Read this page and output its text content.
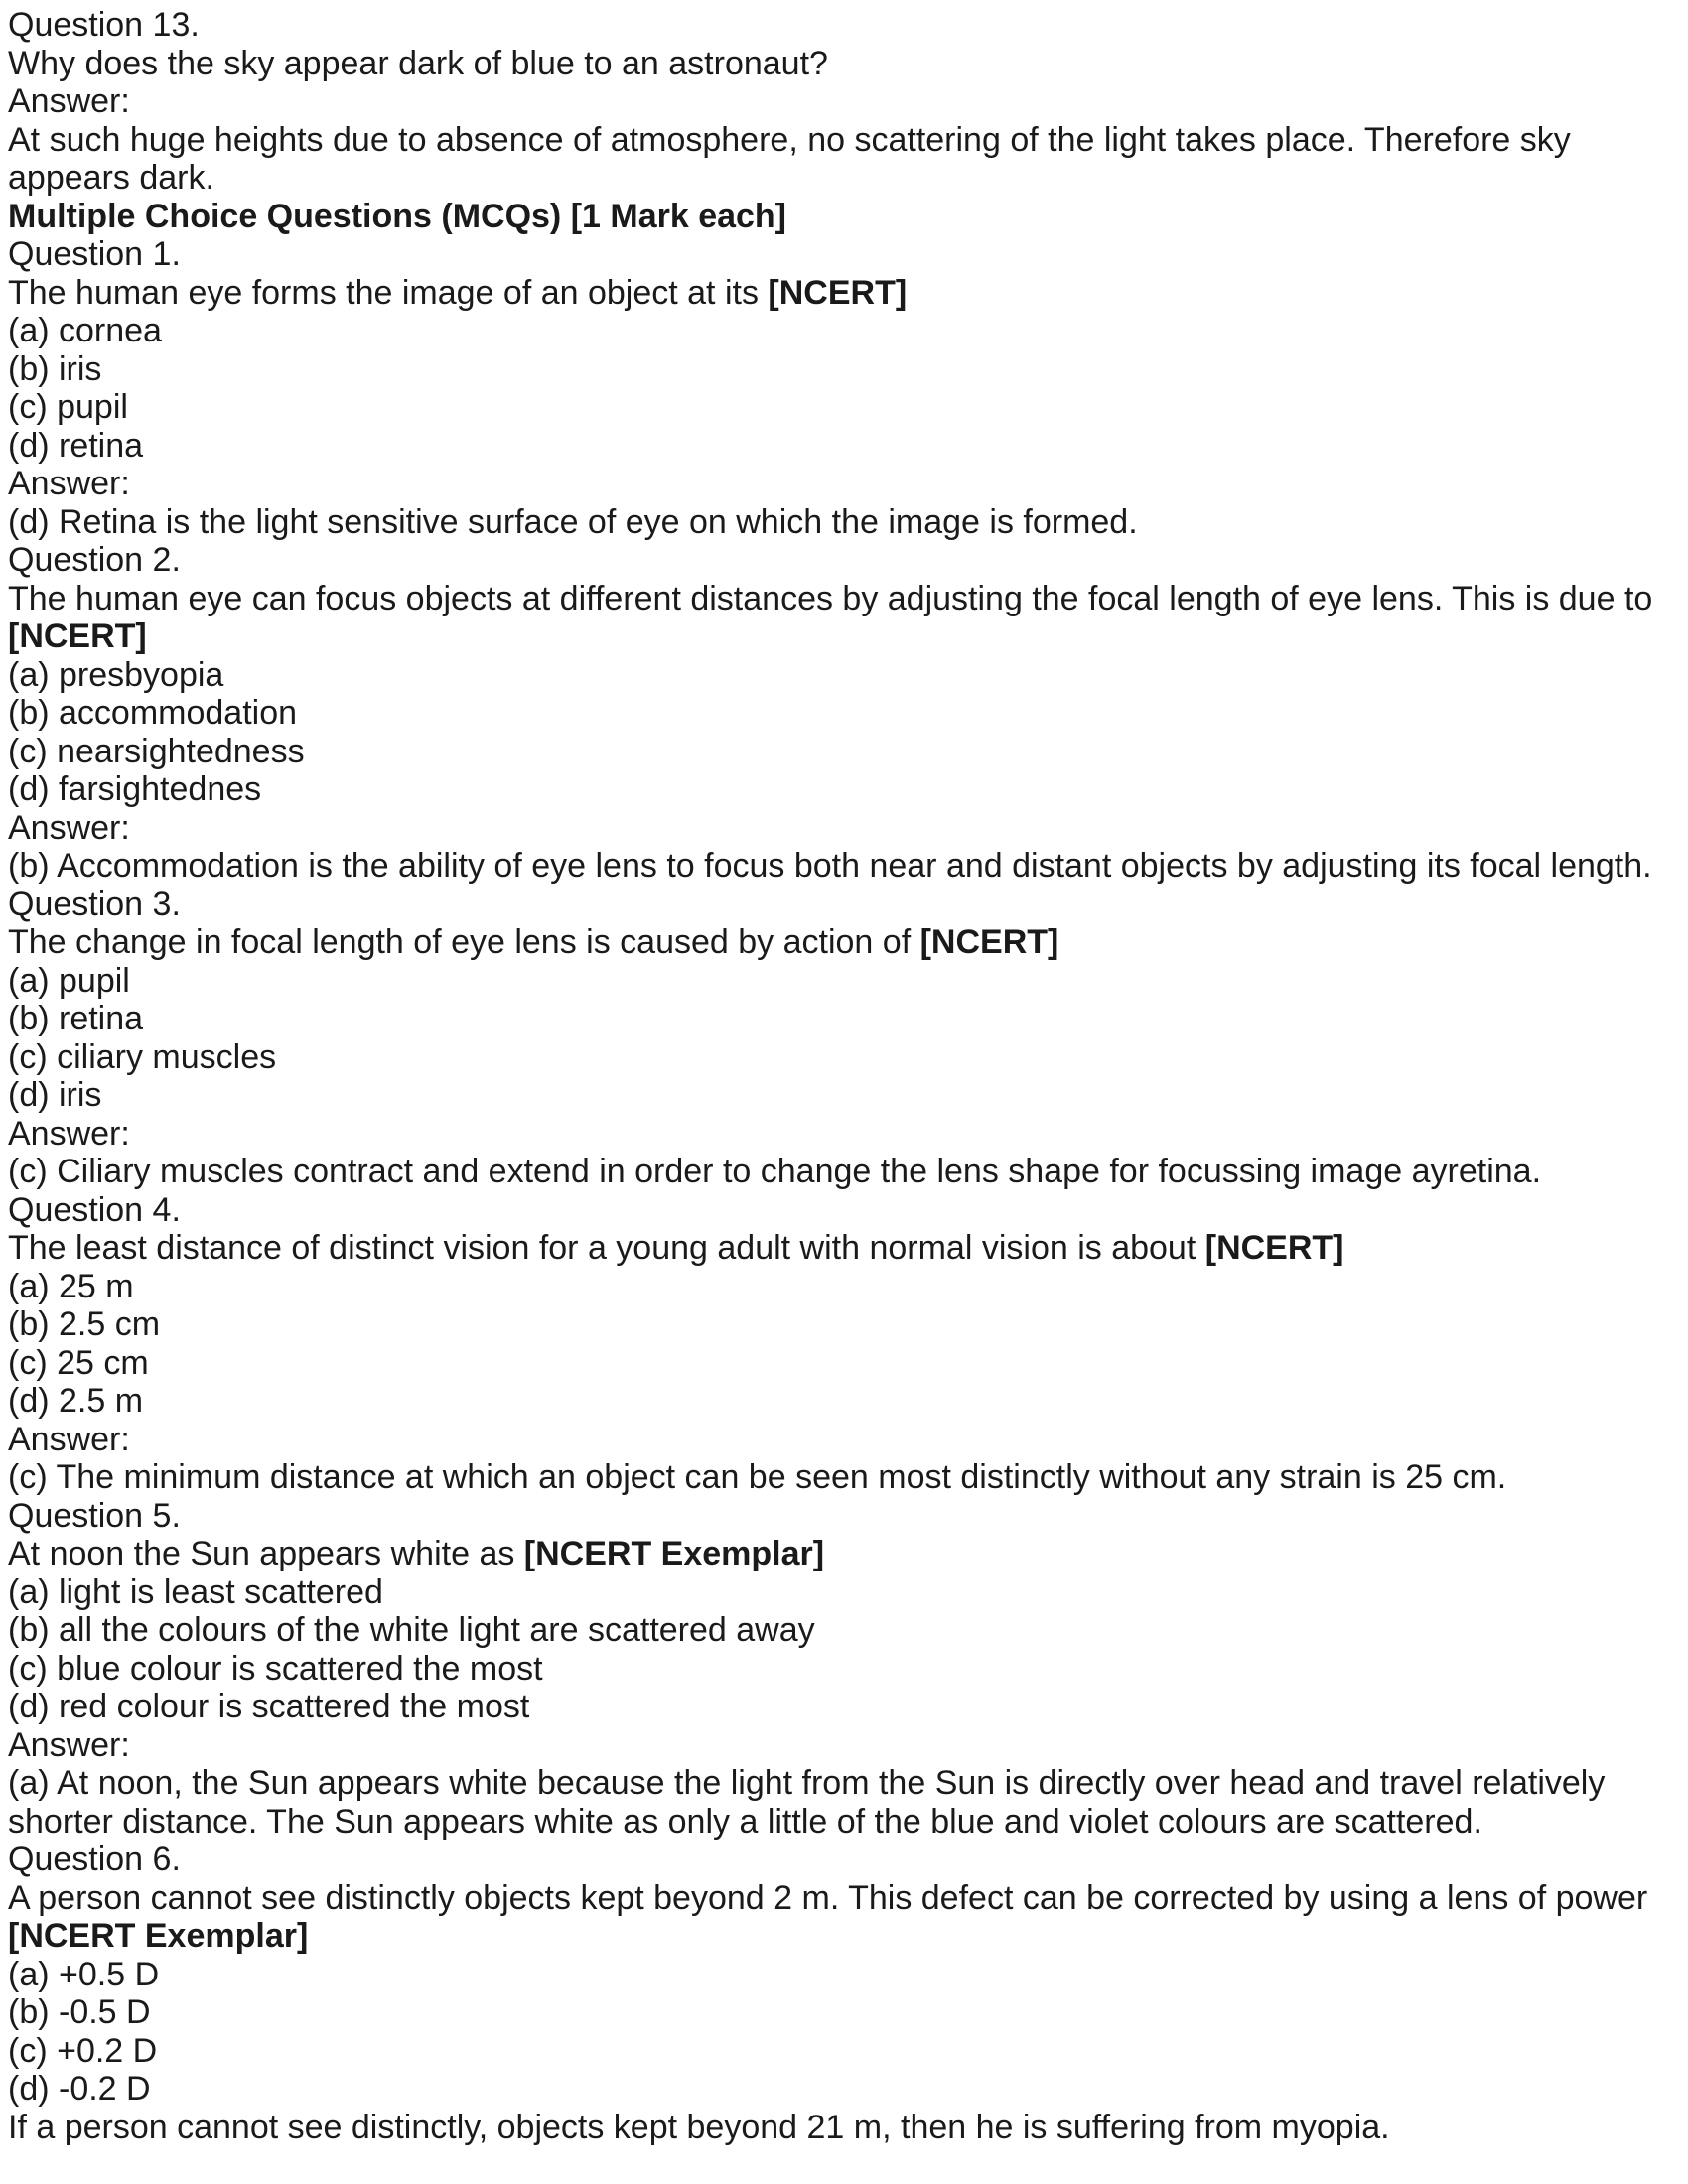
Question 13.

Why does the sky appear dark of blue to an astronaut?

Answer:

At such huge heights due to absence of atmosphere, no scattering of the light takes place. Therefore sky appears dark.

Multiple Choice Questions (MCQs) [1 Mark each]

Question 1.

The human eye forms the image of an object at its [NCERT]

(a) cornea

(b) iris

(c) pupil

(d) retina

Answer:

(d) Retina is the light sensitive surface of eye on which the image is formed.

Question 2.

The human eye can focus objects at different distances by adjusting the focal length of eye lens. This is due to

[NCERT]

(a) presbyopia

(b) accommodation

(c) nearsightedness

(d) farsightednes

Answer:

(b) Accommodation is the ability of eye lens to focus both near and distant objects by adjusting its focal length.

Question 3.

The change in focal length of eye lens is caused by action of [NCERT]

(a) pupil

(b) retina

(c) ciliary muscles

(d) iris

Answer:

(c) Ciliary muscles contract and extend in order to change the lens shape for focussing image ayretina.

Question 4.

The least distance of distinct vision for a young adult with normal vision is about [NCERT]

(a) 25 m

(b) 2.5 cm

(c) 25 cm

(d) 2.5 m

Answer:

(c) The minimum distance at which an object can be seen most distinctly without any strain is 25 cm.

Question 5.

At noon the Sun appears white as [NCERT Exemplar]

(a) light is least scattered

(b) all the colours of the white light are scattered away

(c) blue colour is scattered the most

(d) red colour is scattered the most

Answer:

(a) At noon, the Sun appears white because the light from the Sun is directly over head and travel relatively shorter distance. The Sun appears white as only a little of the blue and violet colours are scattered.

Question 6.

A person cannot see distinctly objects kept beyond 2 m. This defect can be corrected by using a lens of power

[NCERT Exemplar]

(a) +0.5 D

(b) -0.5 D

(c) +0.2 D

(d) -0.2 D

If a person cannot see distinctly, objects kept beyond 21 m, then he is suffering from myopia.
